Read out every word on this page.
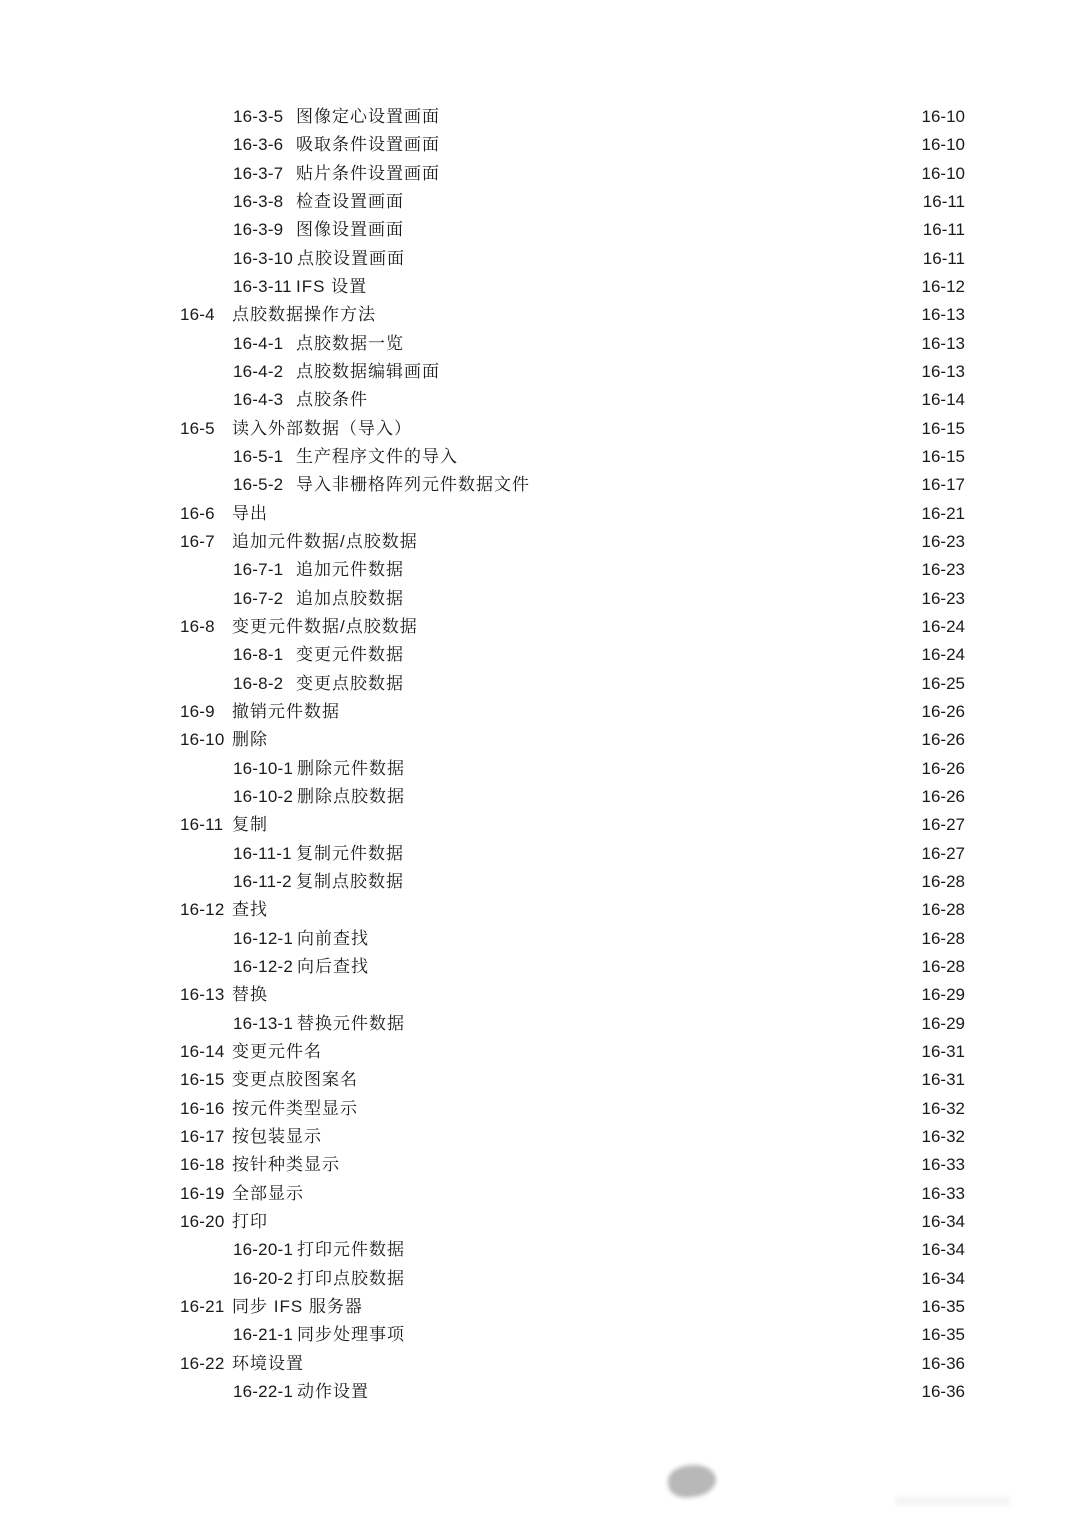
16-3-5 图像定心设置画面	16-10
16-3-6 吸取条件设置画面	16-10
16-3-7 贴片条件设置画面	16-10
16-3-8 检查设置画面	16-11
16-3-9 图像设置画面	16-11
16-3-10 点胶设置画面	16-11
16-3-11 IFS 设置	16-12
16-4 点胶数据操作方法	16-13
16-4-1 点胶数据一览	16-13
16-4-2 点胶数据编辑画面	16-13
16-4-3 点胶条件	16-14
16-5 读入外部数据（导入）	16-15
16-5-1 生产程序文件的导入	16-15
16-5-2 导入非栅格阵列元件数据文件	16-17
16-6 导出	16-21
16-7 追加元件数据/点胶数据	16-23
16-7-1 追加元件数据	16-23
16-7-2 追加点胶数据	16-23
16-8 变更元件数据/点胶数据	16-24
16-8-1 变更元件数据	16-24
16-8-2 变更点胶数据	16-25
16-9 撤销元件数据	16-26
16-10 删除	16-26
16-10-1 删除元件数据	16-26
16-10-2 删除点胶数据	16-26
16-11 复制	16-27
16-11-1 复制元件数据	16-27
16-11-2 复制点胶数据	16-28
16-12 查找	16-28
16-12-1 向前查找	16-28
16-12-2 向后查找	16-28
16-13 替换	16-29
16-13-1 替换元件数据	16-29
16-14 变更元件名	16-31
16-15 变更点胶图案名	16-31
16-16 按元件类型显示	16-32
16-17 按包装显示	16-32
16-18 按针种类显示	16-33
16-19 全部显示	16-33
16-20 打印	16-34
16-20-1 打印元件数据	16-34
16-20-2 打印点胶数据	16-34
16-21 同步 IFS 服务器	16-35
16-21-1 同步处理事项	16-35
16-22 环境设置	16-36
16-22-1 动作设置	16-36
